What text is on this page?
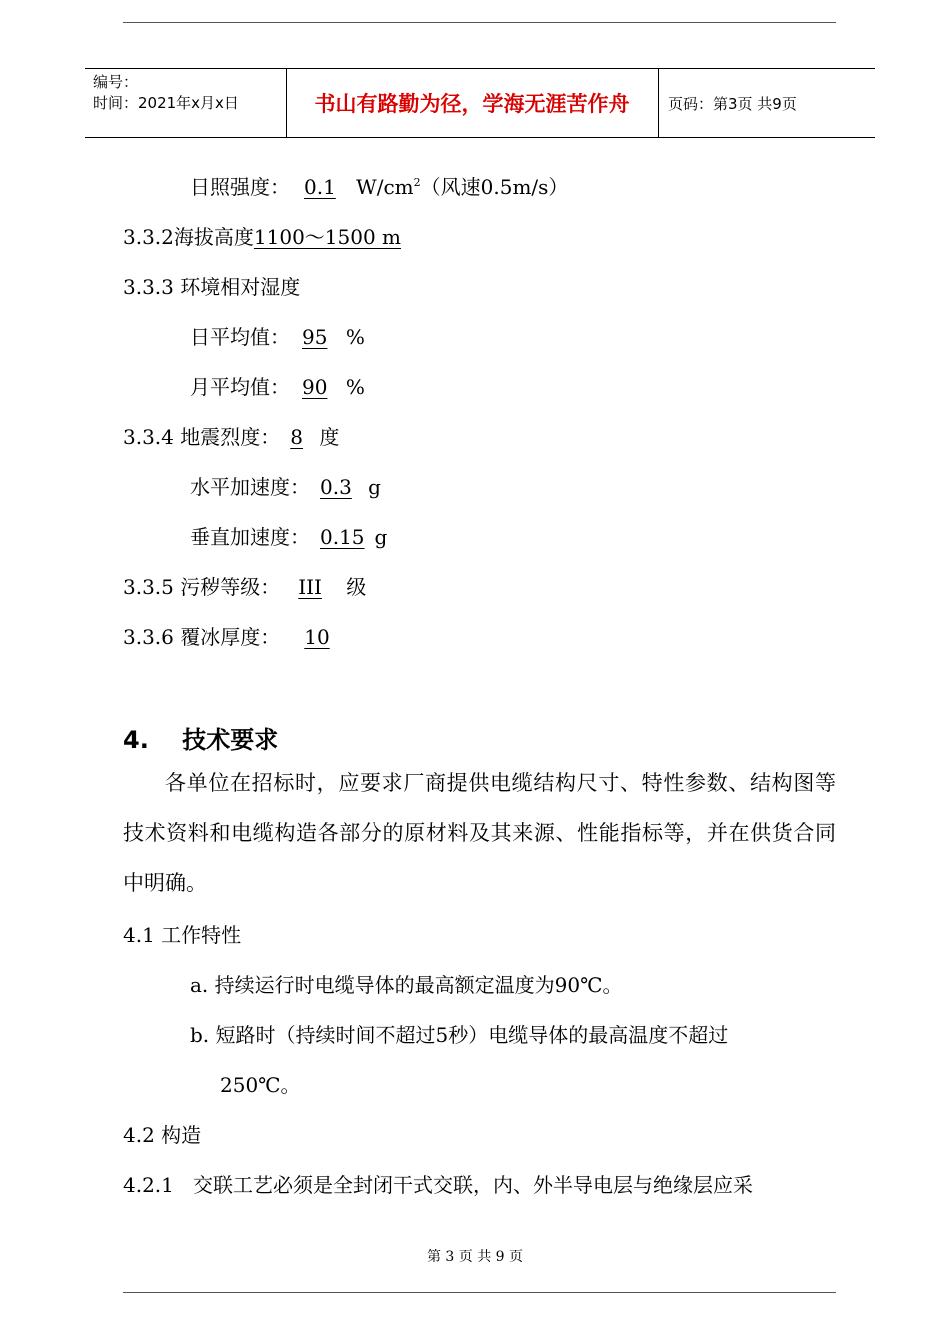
编号：
时间：2021年x月x日	书山有路勤为径，学海无涯苦作舟	页码：第3页 共9页
日照强度： 0.1 $W/cm^2$（风速0.5m/s）
3.3.2海拔高度1100～1500 m
3.3.3 环境相对湿度
日平均值： 95 %
月平均值： 90 %
3.3.4 地震烈度： 8 度
水平加速度： 0.3 g
垂直加速度： 0.15 g
3.3.5 污秽等级： III 级
3.3.6 覆冰厚度： 10
4.    技术要求
各单位在招标时，应要求厂商提供电缆结构尺寸、特性参数、结构图等技术资料和电缆构造各部分的原材料及其来源、性能指标等，并在供货合同中明确。
4.1 工作特性
a. 持续运行时电缆导体的最高额定温度为90℃。
b. 短路时（持续时间不超过5秒）电缆导体的最高温度不超过
250℃。
4.2 构造
4.2.1   交联工艺必须是全封闭干式交联，内、外半导电层与绝缘层应采
第 3 页 共 9 页
